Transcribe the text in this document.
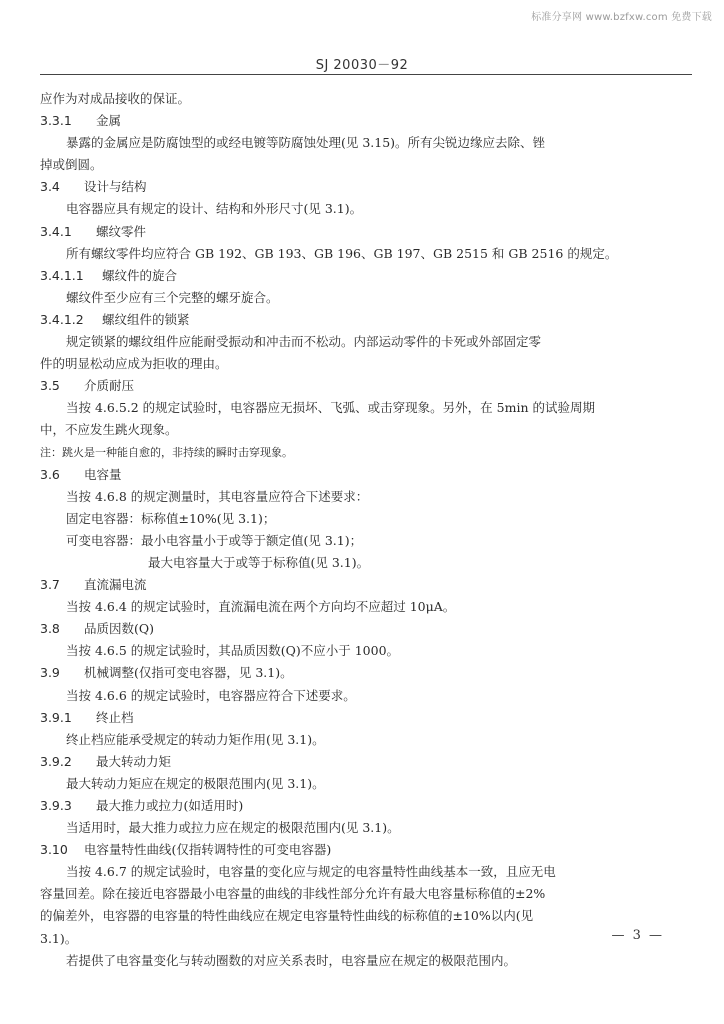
标准分享网 www.bzfxw.com 免费下载
SJ 20030－92
应作为对成品接收的保证。
3.3.1 金属
暴露的金属应是防腐蚀型的或经电镀等防腐蚀处理(见 3.15)。所有尖锐边缘应去除、锉
掉或倒圆。
3.4 设计与结构
电容器应具有规定的设计、结构和外形尺寸(见 3.1)。
3.4.1 螺纹零件
所有螺纹零件均应符合 GB 192、GB 193、GB 196、GB 197、GB 2515 和 GB 2516 的规定。
3.4.1.1 螺纹件的旋合
螺纹件至少应有三个完整的螺牙旋合。
3.4.1.2 螺纹组件的锁紧
规定锁紧的螺纹组件应能耐受振动和冲击而不松动。内部运动零件的卡死或外部固定零
件的明显松动应成为拒收的理由。
3.5 介质耐压
当按 4.6.5.2 的规定试验时，电容器应无损坏、飞弧、或击穿现象。另外，在 5min 的试验周期
中，不应发生跳火现象。
注：跳火是一种能自愈的，非持续的瞬时击穿现象。
3.6 电容量
当按 4.6.8 的规定测量时，其电容量应符合下述要求：
固定电容器：标称值±10%(见 3.1)；
可变电容器：最小电容量小于或等于额定值(见 3.1)；
最大电容量大于或等于标称值(见 3.1)。
3.7 直流漏电流
当按 4.6.4 的规定试验时，直流漏电流在两个方向均不应超过 10μA。
3.8 品质因数(Q)
当按 4.6.5 的规定试验时，其品质因数(Q)不应小于 1000。
3.9 机械调整(仅指可变电容器，见 3.1)。
当按 4.6.6 的规定试验时，电容器应符合下述要求。
3.9.1 终止档
终止档应能承受规定的转动力矩作用(见 3.1)。
3.9.2 最大转动力矩
最大转动力矩应在规定的极限范围内(见 3.1)。
3.9.3 最大推力或拉力(如适用时)
当适用时，最大推力或拉力应在规定的极限范围内(见 3.1)。
3.10 电容量特性曲线(仅指转调特性的可变电容器)
当按 4.6.7 的规定试验时，电容量的变化应与规定的电容量特性曲线基本一致，且应无电
容量回差。除在接近电容器最小电容量的曲线的非线性部分允许有最大电容量标称值的±2%
的偏差外，电容器的电容量的特性曲线应在规定电容量特性曲线的标称值的±10%以内(见
3.1)。
若提供了电容量变化与转动圈数的对应关系表时，电容量应在规定的极限范围内。
— 3 —
